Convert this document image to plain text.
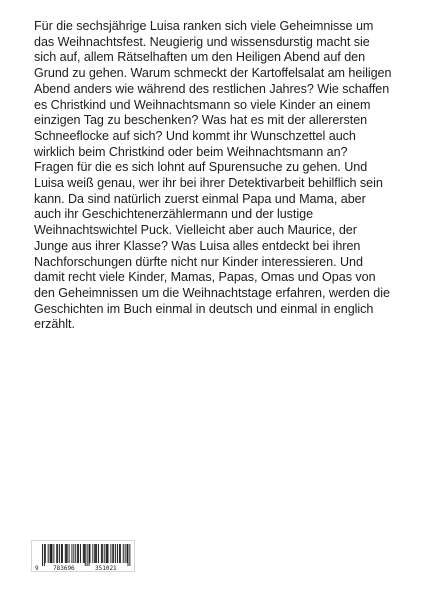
Für die sechsjährige Luisa ranken sich viele Geheimnisse um das Weihnachtsfest. Neugierig und wissensdurstig macht sie sich auf, allem Rätselhaften um den Heiligen Abend auf den Grund zu gehen. Warum schmeckt der Kartoffelsalat am heiligen Abend anders wie während des restlichen Jahres? Wie schaffen es Christkind und Weihnachtsmann so viele Kinder an einem einzigen Tag zu beschenken? Was hat es mit der allerersten Schneeflocke auf sich? Und kommt ihr Wunschzettel auch wirklich beim Christkind oder beim Weihnachtsmann an?

Fragen für die es sich lohnt auf Spurensuche zu gehen. Und Luisa weiß genau, wer ihr bei ihrer Detektivarbeit behilflich sein kann. Da sind natürlich zuerst einmal Papa und Mama, aber auch ihr Geschichtenerzählermann und der lustige Weihnachtswichtel Puck. Vielleicht aber auch Maurice, der Junge aus ihrer Klasse? Was Luisa alles entdeckt bei ihren Nachforschungen dürfte nicht nur Kinder interessieren. Und damit recht viele Kinder, Mamas, Papas, Omas und Opas von den Geheimnissen um die Weihnachtstage erfahren, werden die Geschichten im Buch einmal in deutsch und einmal in englich erzählt.

9 783696	351021
